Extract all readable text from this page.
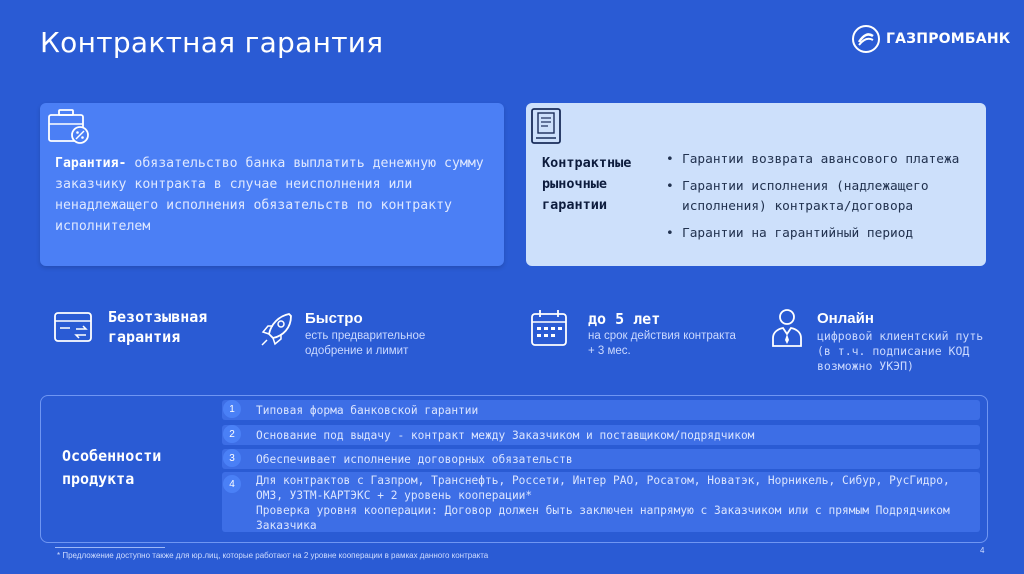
Контрактная гарантия	ГАЗПРОМБАНК
Гарантия- обязательство банка выплатить денежную сумму заказчику контракта в случае неисполнения или ненадлежащего исполнения обязательств по контракту исполнителем
Контрактные
рыночные
гарантии
• Гарантии возврата авансового платежа
• Гарантии исполнения (надлежащего исполнения) контракта/договора
• Гарантии на гарантийный период
Безотзывная гарантия
Быстро
есть предварительное одобрение и лимит
до 5 лет
на срок действия контракта + 3 мес.
Онлайн
цифровой клиентский путь (в т.ч. подписание КОД возможно УКЭП)
Особенности
продукта
1	Типовая форма банковской гарантии
2	Основание под выдачу - контракт между Заказчиком и поставщиком/подрядчиком
3	Обеспечивает исполнение договорных обязательств
4	Для контрактов с Газпром, Транснефть, Россети, Интер РАО, Росатом, Новатэк, Норникель, Сибур, РусГидро, ОМЗ, УЗТМ-КАРТЭКС + 2 уровень кооперации*
Проверка уровня кооперации: Договор должен быть заключен напрямую с Заказчиком или с прямым Подрядчиком Заказчика
* Предложение доступно также для юр.лиц, которые работают на 2 уровне кооперации в рамках данного контракта
4
